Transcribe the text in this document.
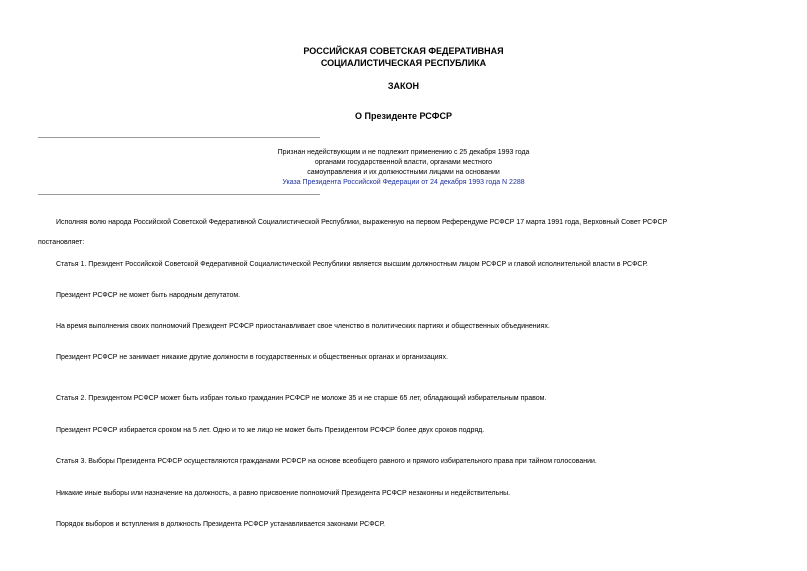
РОССИЙСКАЯ СОВЕТСКАЯ ФЕДЕРАТИВНАЯ
СОЦИАЛИСТИЧЕСКАЯ РЕСПУБЛИКА
ЗАКОН
О Президенте РСФСР
Признан недействующим и не подлежит применению с 25 декабря 1993 года
органами государственной власти, органами местного
самоуправления и их должностными лицами на основании
Указа Президента Российской Федерации от 24 декабря 1993 года N 2288
Исполняя волю народа Российской Советской Федеративной Социалистической Республики, выраженную на первом Референдуме РСФСР 17 марта 1991 года, Верховный Совет РСФСР
постановляет:
Статья 1. Президент Российской Советской Федеративной Социалистической Республики является высшим должностным лицом РСФСР и главой исполнительной власти в РСФСР.
Президент РСФСР не может быть народным депутатом.
На время выполнения своих полномочий Президент РСФСР приостанавливает свое членство в политических партиях и общественных объединениях.
Президент РСФСР не занимает никакие другие должности в государственных и общественных органах и организациях.
Статья 2. Президентом РСФСР может быть избран только гражданин РСФСР не моложе 35 и не старше 65 лет, обладающий избирательным правом.
Президент РСФСР избирается сроком на 5 лет. Одно и то же лицо не может быть Президентом РСФСР более двух сроков подряд.
Статья 3. Выборы Президента РСФСР осуществляются гражданами РСФСР на основе всеобщего равного и прямого избирательного права при тайном голосовании.
Никакие иные выборы или назначение на должность, а равно присвоение полномочий Президента РСФСР незаконны и недействительны.
Порядок выборов и вступления в должность Президента РСФСР устанавливается законами РСФСР.
